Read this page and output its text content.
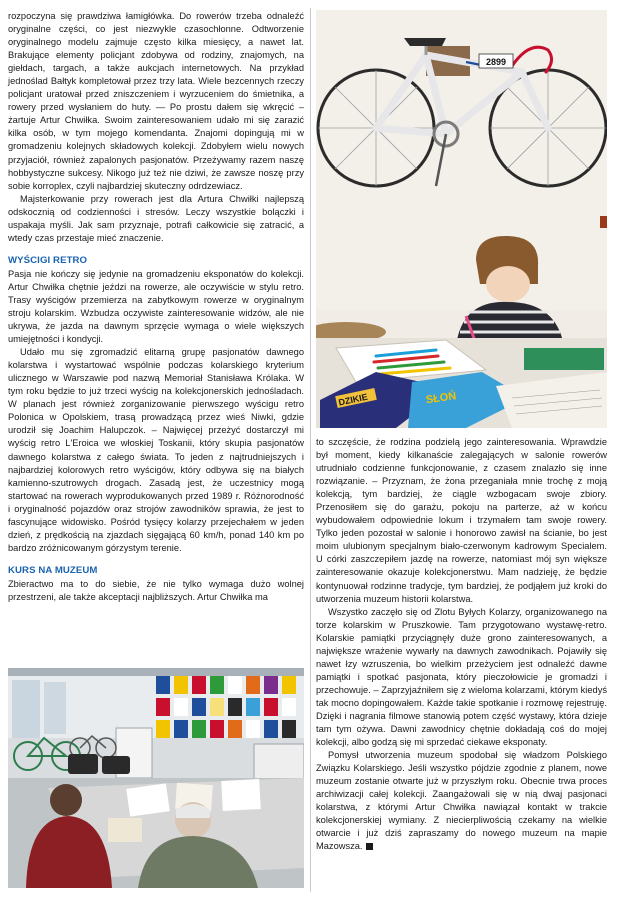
rozpoczyna się prawdziwa łamigłówka. Do rowerów trzeba odnaleźć oryginalne części, co jest niezwykle czasochłonne. Odtworzenie oryginalnego modelu zajmuje często kilka miesięcy, a nawet lat. Brakujące elementy policjant zdobywa od rodziny, znajomych, na giełdach, targach, a także aukcjach internetowych. Na przykład jednoślad Bałtyk kompletował przez trzy lata. Wiele bezcennych rzeczy policjant uratował przed zniszczeniem i wyrzuceniem do śmietnika, a rowery przed wysłaniem do huty. — Po prostu dałem się wkręcić – żartuje Artur Chwiłka. Swoim zainteresowaniem udało mi się zarazić kilka osób, w tym mojego komendanta. Znajomi dopingują mi w gromadzeniu kolejnych składowych kolekcji. Zdobyłem wielu nowych przyjaciół, również zapalonych pasjonatów. Przeżywamy razem naszę hobbystyczne sukcesy. Nikogo już też nie dziwi, że zawsze noszę przy sobie korroplex, czyli najbardziej skuteczny odrdzewiacz.

Majsterkowanie przy rowerach jest dla Artura Chwiłki najlepszą odskocznią od codzienności i stresów. Leczy wszystkie bolączki i uspakaja myśli. Jak sam przyznaje, potrafi całkowicie się zatracić, a wtedy czas przestaje mieć znaczenie.

WYŚCIGI RETRO

Pasja nie kończy się jedynie na gromadzeniu eksponatów do kolekcji. Artur Chwiłka chętnie jeździ na rowerze, ale oczywiście w stylu retro. Trasy wyścigów przemierza na zabytkowym rowerze w oryginalnym stroju kolarskim. Wzbudza oczywiste zainteresowanie widzów, ale nie ukrywa, że jazda na dawnym sprzęcie wymaga o wiele większych umiejętności i kondycji.

Udało mu się zgromadzić elitarną grupę pasjonatów dawnego kolarstwa i wystartować wspólnie podczas kolarskiego kryterium ulicznego w Warszawie pod nazwą Memoriał Stanisława Królaka. W tym roku będzie to już trzeci wyścig na kolekcjonerskich jednośladach. W planach jest również zorganizowanie pierwszego wyścigu retro Polonica w Opolskiem, trasą prowadzącą przez wieś Niwki, gdzie urodził się Joachim Halupczok. – Najwięcej przeżyć dostarczył mi wyścig retro L'Eroica we włoskiej Toskanii, który skupia pasjonatów dawnego kolarstwa z całego świata. To jeden z najtrudniejszych i najbardziej kolorowych retro wyścigów, który odbywa się na białych kamienno-szutrowych drogach. Zasadą jest, że uczestnicy mogą startować na rowerach wyprodukowanych przed 1989 r. Różnorodność i oryginalność pojazdów oraz strojów zawodników sprawia, że jest to fascynujące widowisko. Pośród tysięcy kolarzy przejechałem w jeden dzień, z prędkością na zjazdach sięgającą 60 km/h, ponad 140 km po bardzo zróżnicowanym górzystym terenie.

KURS NA MUZEUM

Zbieractwo ma to do siebie, że nie tylko wymaga dużo wolnej przestrzeni, ale także akceptacji najbliższych. Artur Chwiłka ma

2899
DZIKIE	SŁOŃ

to szczęście, że rodzina podzielą jego zainteresowania. Wprawdzie był moment, kiedy kilkanaście zalegających w salonie rowerów utrudniało codzienne funkcjonowanie, z czasem znalazło się inne rozwiązanie. – Przyznam, że żona przeganiała mnie trochę z moją kolekcją, tym bardziej, że ciągle wzbogacam swoje zbiory. Przenosiłem się do garażu, pokoju na parterze, aż w końcu wybudowałem odpowiednie lokum i trzymałem tam swoje rowery. Tylko jeden pozostał w salonie i honorowo zawisł na ścianie, bo jest moim ulubionym specjalnym biało-czerwonym kadrowym Specialem. U córki zaszczepiłem jazdę na rowerze, natomiast mój syn większe zainteresowanie okazuje kolekcjonerstwu. Mam nadzieję, że będzie kontynuował rodzinne tradycje, tym bardziej, że podjąłem już kroki do utworzenia muzeum historii kolarstwa.

Wszystko zaczęło się od Zlotu Byłych Kolarzy, organizowanego na torze kolarskim w Pruszkowie. Tam przygotowano wystawę-retro. Kolarskie pamiątki przyciągnęły duże grono zainteresowanych, a największe wrażenie wywarły na dawnych zawodnikach. Pojawiły się nawet łzy wzruszenia, bo wielkim przeżyciem jest odnaleźć dawne pamiątki i spotkać pasjonata, który pieczołowicie je gromadzi i przechowuje. – Zaprzyjaźniłem się z wieloma kolarzami, którym kiedyś tak mocno dopingowałem. Każde takie spotkanie i rozmowę rejestruję. Dzięki i nagrania filmowe stanowią potem część wystawy, która dzieje tam tym ożywa. Dawni zawodnicy chętnie dokładają coś do mojej kolekcji, albo godzą się mi sprzedać ciekawe eksponaty.

Pomysł utworzenia muzeum spodobał się władzom Polskiego Związku Kolarskiego. Jeśli wszystko pójdzie zgodnie z planem, nowe muzeum zostanie otwarte już w przyszłym roku. Obecnie trwa proces archiwizacji całej kolekcji. Zaangażowali się w nią dwaj pasjonaci kolarstwa, z którymi Artur Chwiłka nawiązał kontakt w trakcie kolekcjonerskiej wymiany. Z niecierpliwością czekamy na wielkie otwarcie i już dziś zapraszamy do nowego muzeum na mapie Mazowsza.
